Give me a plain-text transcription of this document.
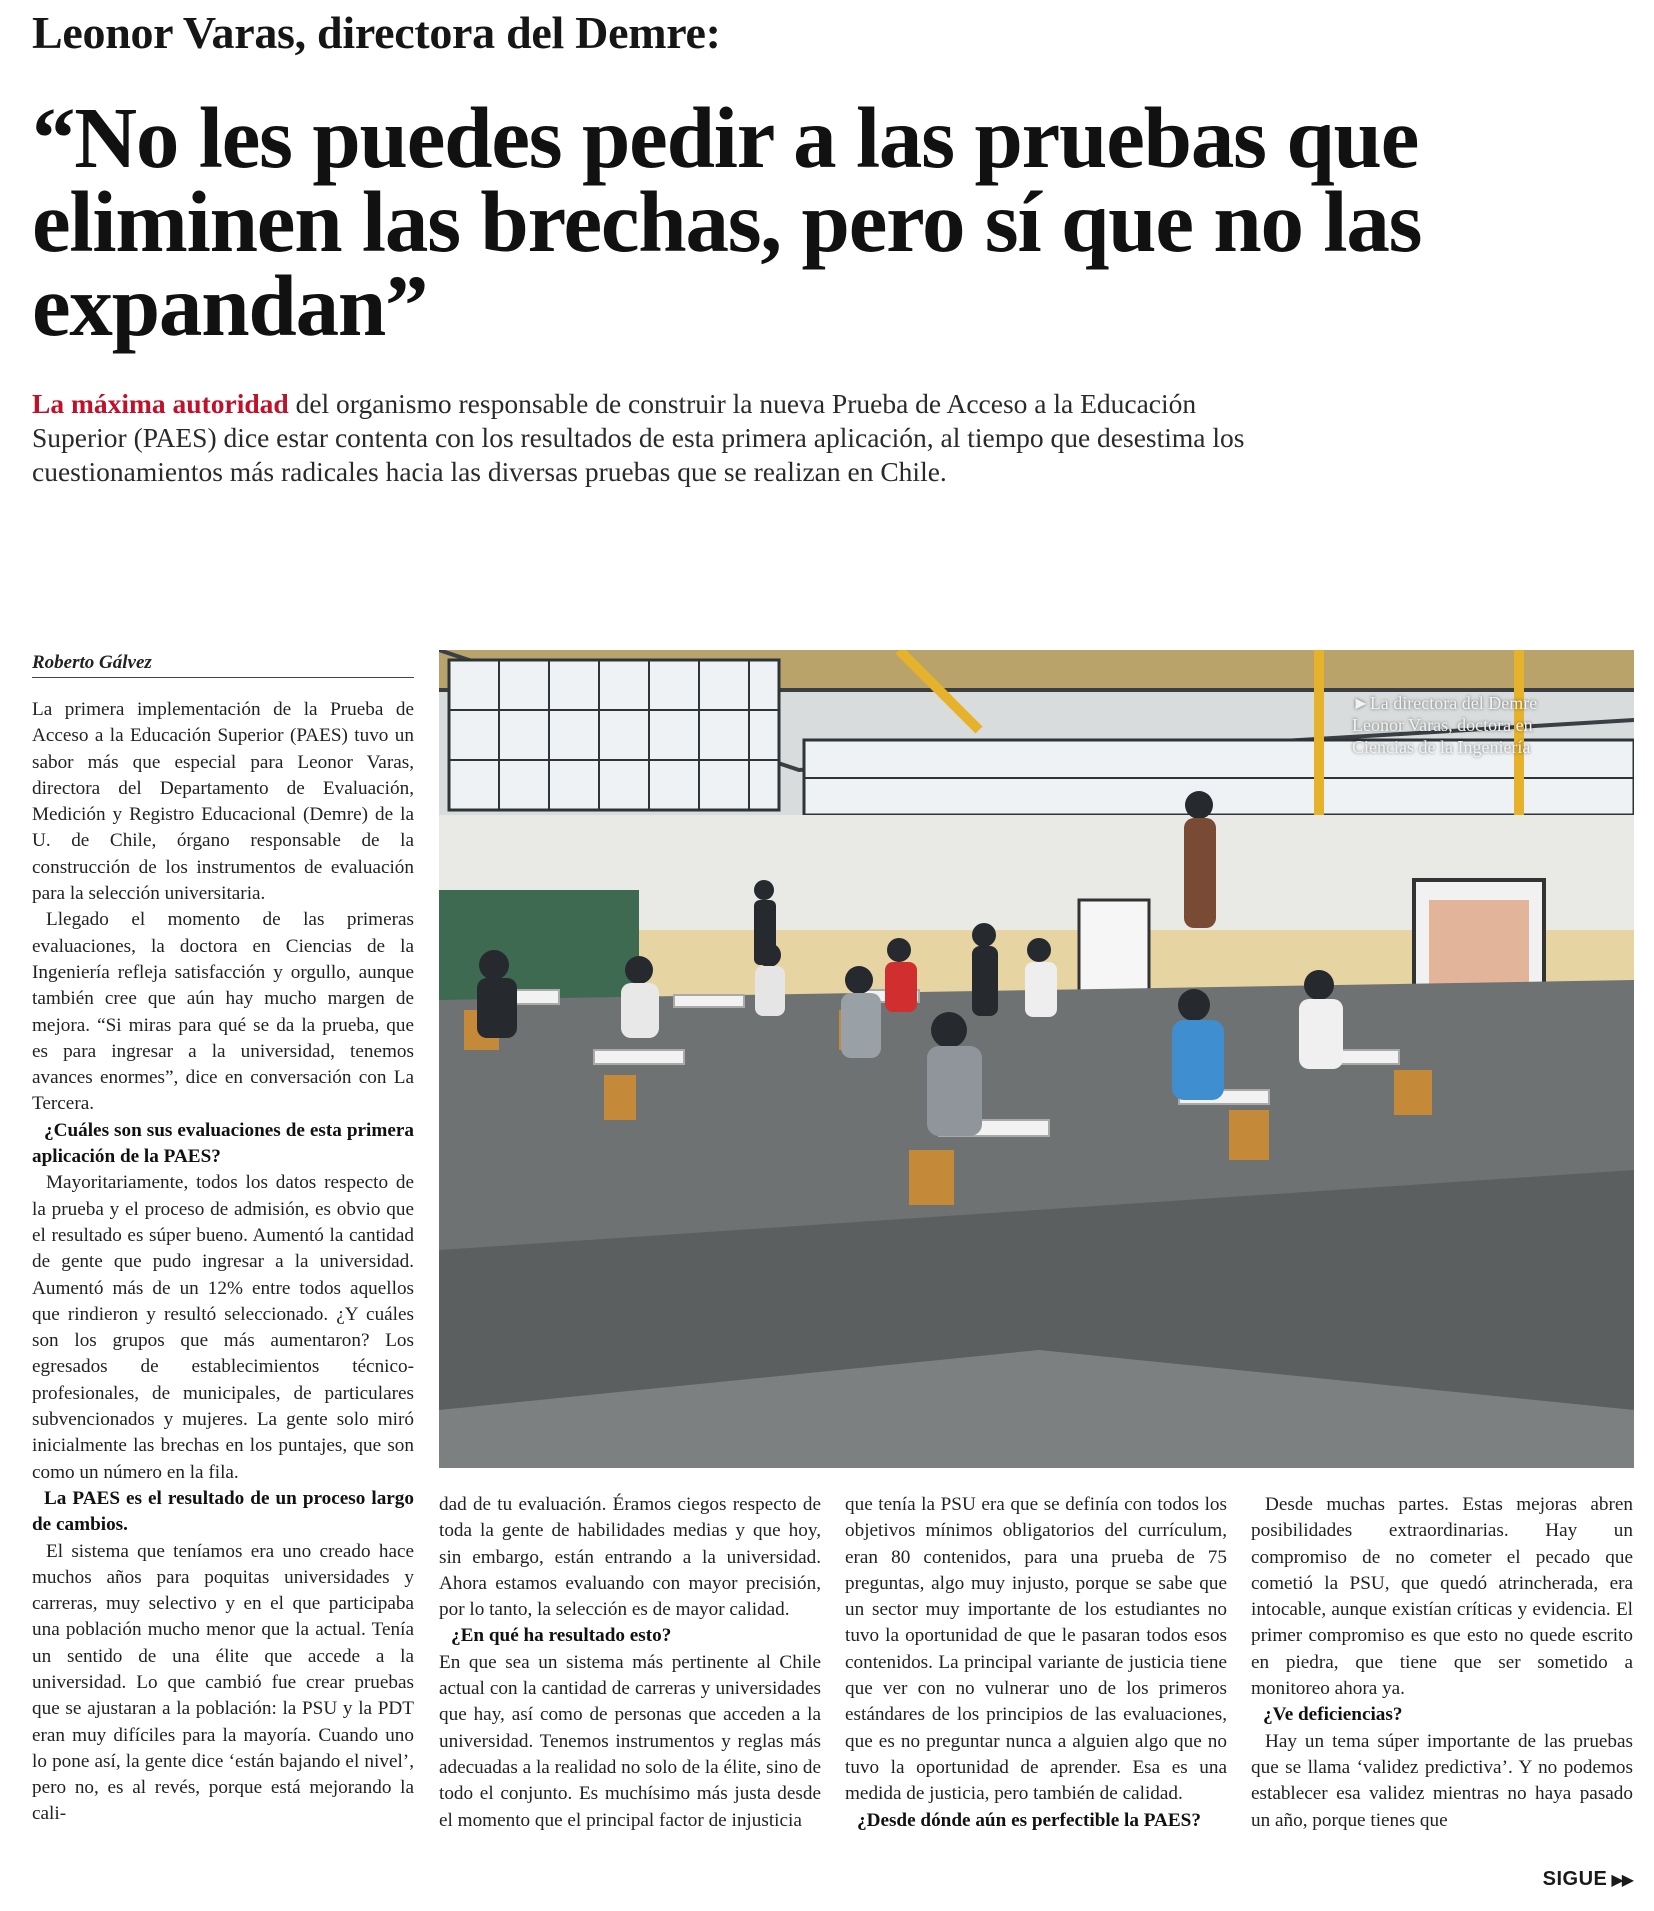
Leonor Varas, directora del Demre:
“No les puedes pedir a las pruebas que eliminen las brechas, pero sí que no las expandan”

La máxima autoridad del organismo responsable de construir la nueva Prueba de Acceso a la Educación Superior (PAES) dice estar contenta con los resultados de esta primera aplicación, al tiempo que desestima los cuestionamientos más radicales hacia las diversas pruebas que se realizan en Chile.

Roberto Gálvez

La primera implementación de la Prueba de Acceso a la Educación Superior (PAES) tuvo un sabor más que especial para Leonor Varas, directora del Departamento de Evaluación, Medición y Registro Educacional (Demre) de la U. de Chile, órgano responsable de la construcción de los instrumentos de evaluación para la selección universitaria.

Llegado el momento de las primeras evaluaciones, la doctora en Ciencias de la Ingeniería refleja satisfacción y orgullo, aunque también cree que aún hay mucho margen de mejora. “Si miras para qué se da la prueba, que es para ingresar a la universidad, tenemos avances enormes”, dice en conversación con La Tercera.

¿Cuáles son sus evaluaciones de esta primera aplicación de la PAES?

Mayoritariamente, todos los datos respecto de la prueba y el proceso de admisión, es obvio que el resultado es súper bueno. Aumentó la cantidad de gente que pudo ingresar a la universidad. Aumentó más de un 12% entre todos aquellos que rindieron y resultó seleccionado. ¿Y cuáles son los grupos que más aumentaron? Los egresados de establecimientos técnico-profesionales, de municipales, de particulares subvencionados y mujeres. La gente solo miró inicialmente las brechas en los puntajes, que son como un número en la fila.

La PAES es el resultado de un proceso largo de cambios.

El sistema que teníamos era uno creado hace muchos años para poquitas universidades y carreras, muy selectivo y en el que participaba una población mucho menor que la actual. Tenía un sentido de una élite que accede a la universidad. Lo que cambió fue crear pruebas que se ajustaran a la población: la PSU y la PDT eran muy difíciles para la mayoría. Cuando uno lo pone así, la gente dice ‘están bajando el nivel’, pero no, es al revés, porque está mejorando la cali-

►La directora del Demre Leonor Varas, doctora en Ciencias de la Ingeniería

dad de tu evaluación. Éramos ciegos respecto de toda la gente de habilidades medias y que hoy, sin embargo, están entrando a la universidad. Ahora estamos evaluando con mayor precisión, por lo tanto, la selección es de mayor calidad.

¿En qué ha resultado esto?

En que sea un sistema más pertinente al Chile actual con la cantidad de carreras y universidades que hay, así como de personas que acceden a la universidad. Tenemos instrumentos y reglas más adecuadas a la realidad no solo de la élite, sino de todo el conjunto. Es muchísimo más justa desde el momento que el principal factor de injusticia

que tenía la PSU era que se definía con todos los objetivos mínimos obligatorios del currículum, eran 80 contenidos, para una prueba de 75 preguntas, algo muy injusto, porque se sabe que un sector muy importante de los estudiantes no tuvo la oportunidad de que le pasaran todos esos contenidos. La principal variante de justicia tiene que ver con no vulnerar uno de los primeros estándares de los principios de las evaluaciones, que es no preguntar nunca a alguien algo que no tuvo la oportunidad de aprender. Esa es una medida de justicia, pero también de calidad.

¿Desde dónde aún es perfectible la PAES?

Desde muchas partes. Estas mejoras abren posibilidades extraordinarias. Hay un compromiso de no cometer el pecado que cometió la PSU, que quedó atrincherada, era intocable, aunque existían críticas y evidencia. El primer compromiso es que esto no quede escrito en piedra, que tiene que ser sometido a monitoreo ahora ya.

¿Ve deficiencias?

Hay un tema súper importante de las pruebas que se llama ‘validez predictiva’. Y no podemos establecer esa validez mientras no haya pasado un año, porque tienes que

SIGUE ▶▶
